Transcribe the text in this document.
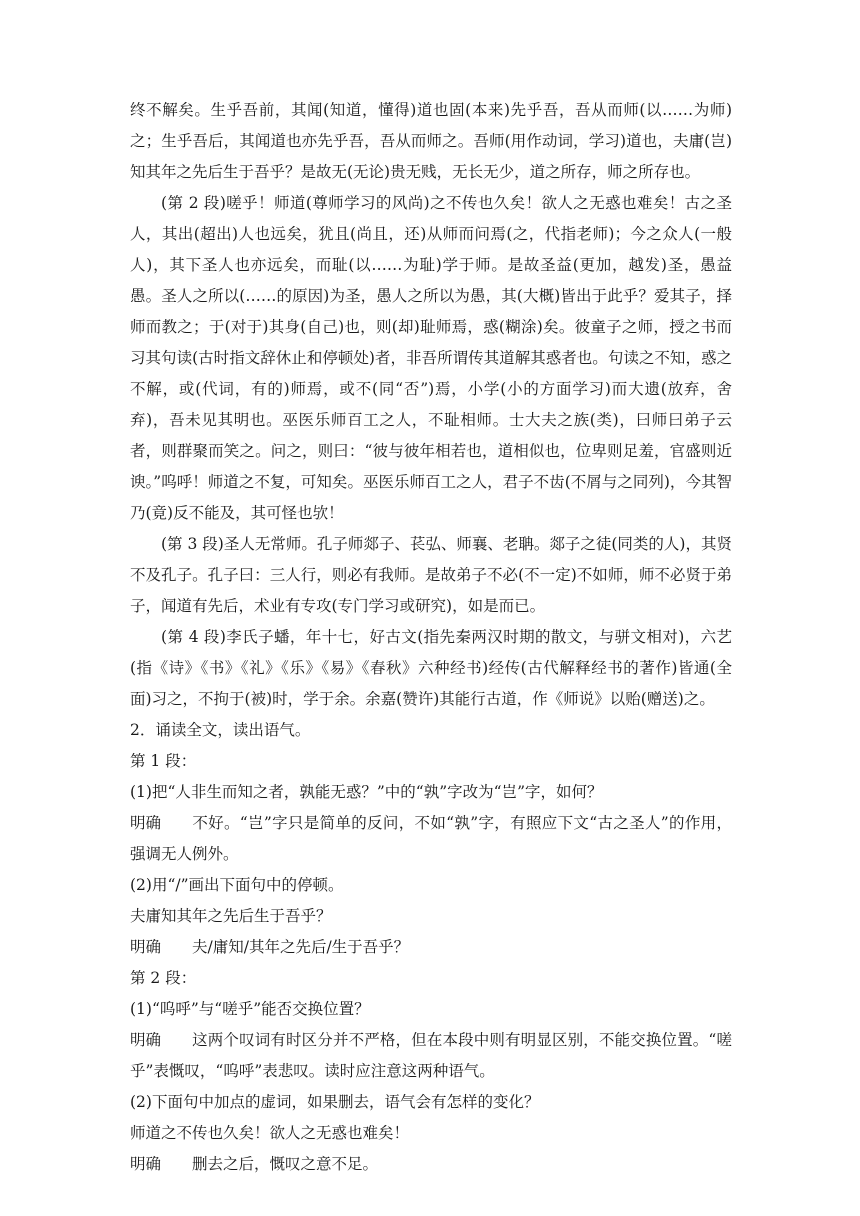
终不解矣。生乎吾前，其闻(知道，懂得)道也固(本来)先乎吾，吾从而师(以……为师)之；生乎吾后，其闻道也亦先乎吾，吾从而师之。吾师(用作动词，学习)道也，夫庸(岂)知其年之先后生于吾乎？是故无(无论)贵无贱，无长无少，道之所存，师之所存也。

(第 2 段)嗟乎！师道(尊师学习的风尚)之不传也久矣！欲人之无惑也难矣！古之圣人，其出(超出)人也远矣，犹且(尚且，还)从师而问焉(之，代指老师)；今之众人(一般人)，其下圣人也亦远矣，而耻(以……为耻)学于师。是故圣益(更加，越发)圣，愚益愚。圣人之所以(……的原因)为圣，愚人之所以为愚，其(大概)皆出于此乎？爱其子，择师而教之；于(对于)其身(自己)也，则(却)耻师焉，惑(糊涂)矣。彼童子之师，授之书而习其句读(古时指文辞休止和停顿处)者，非吾所谓传其道解其惑者也。句读之不知，惑之不解，或(代词，有的)师焉，或不(同“否”)焉，小学(小的方面学习)而大遗(放弃，舍弃)，吾未见其明也。巫医乐师百工之人，不耻相师。士大夫之族(类)，曰师曰弟子云者，则群聚而笑之。问之，则曰：“彼与彼年相若也，道相似也，位卑则足羞，官盛则近谀。”呜呼！师道之不复，可知矣。巫医乐师百工之人，君子不齿(不屑与之同列)，今其智乃(竟)反不能及，其可怪也欤！

(第 3 段)圣人无常师。孔子师郯子、苌弘、师襄、老聃。郯子之徒(同类的人)，其贤不及孔子。孔子曰：三人行，则必有我师。是故弟子不必(不一定)不如师，师不必贤于弟子，闻道有先后，术业有专攻(专门学习或研究)，如是而已。

(第 4 段)李氏子蟠，年十七，好古文(指先秦两汉时期的散文，与骈文相对)，六艺(指《诗》《书》《礼》《乐》《易》《春秋》六种经书)经传(古代解释经书的著作)皆通(全面)习之，不拘于(被)时，学于余。余嘉(赞许)其能行古道，作《师说》以贻(赠送)之。

2．诵读全文，读出语气。

第 1 段：

(1)把“人非生而知之者，孰能无惑？”中的“孰”字改为“岂”字，如何？

明确 不好。“岂”字只是简单的反问，不如“孰”字，有照应下文“古之圣人”的作用，强调无人例外。

(2)用“/”画出下面句中的停顿。

夫庸知其年之先后生于吾乎？

明确 夫/庸知/其年之先后/生于吾乎？

第 2 段：

(1)“呜呼”与“嗟乎”能否交换位置？

明确 这两个叹词有时区分并不严格，但在本段中则有明显区别，不能交换位置。“嗟乎”表慨叹，“呜呼”表悲叹。读时应注意这两种语气。

(2)下面句中加点的虚词，如果删去，语气会有怎样的变化？

师道之不传也久矣！欲人之无惑也难矣！

明确 删去之后，慨叹之意不足。
